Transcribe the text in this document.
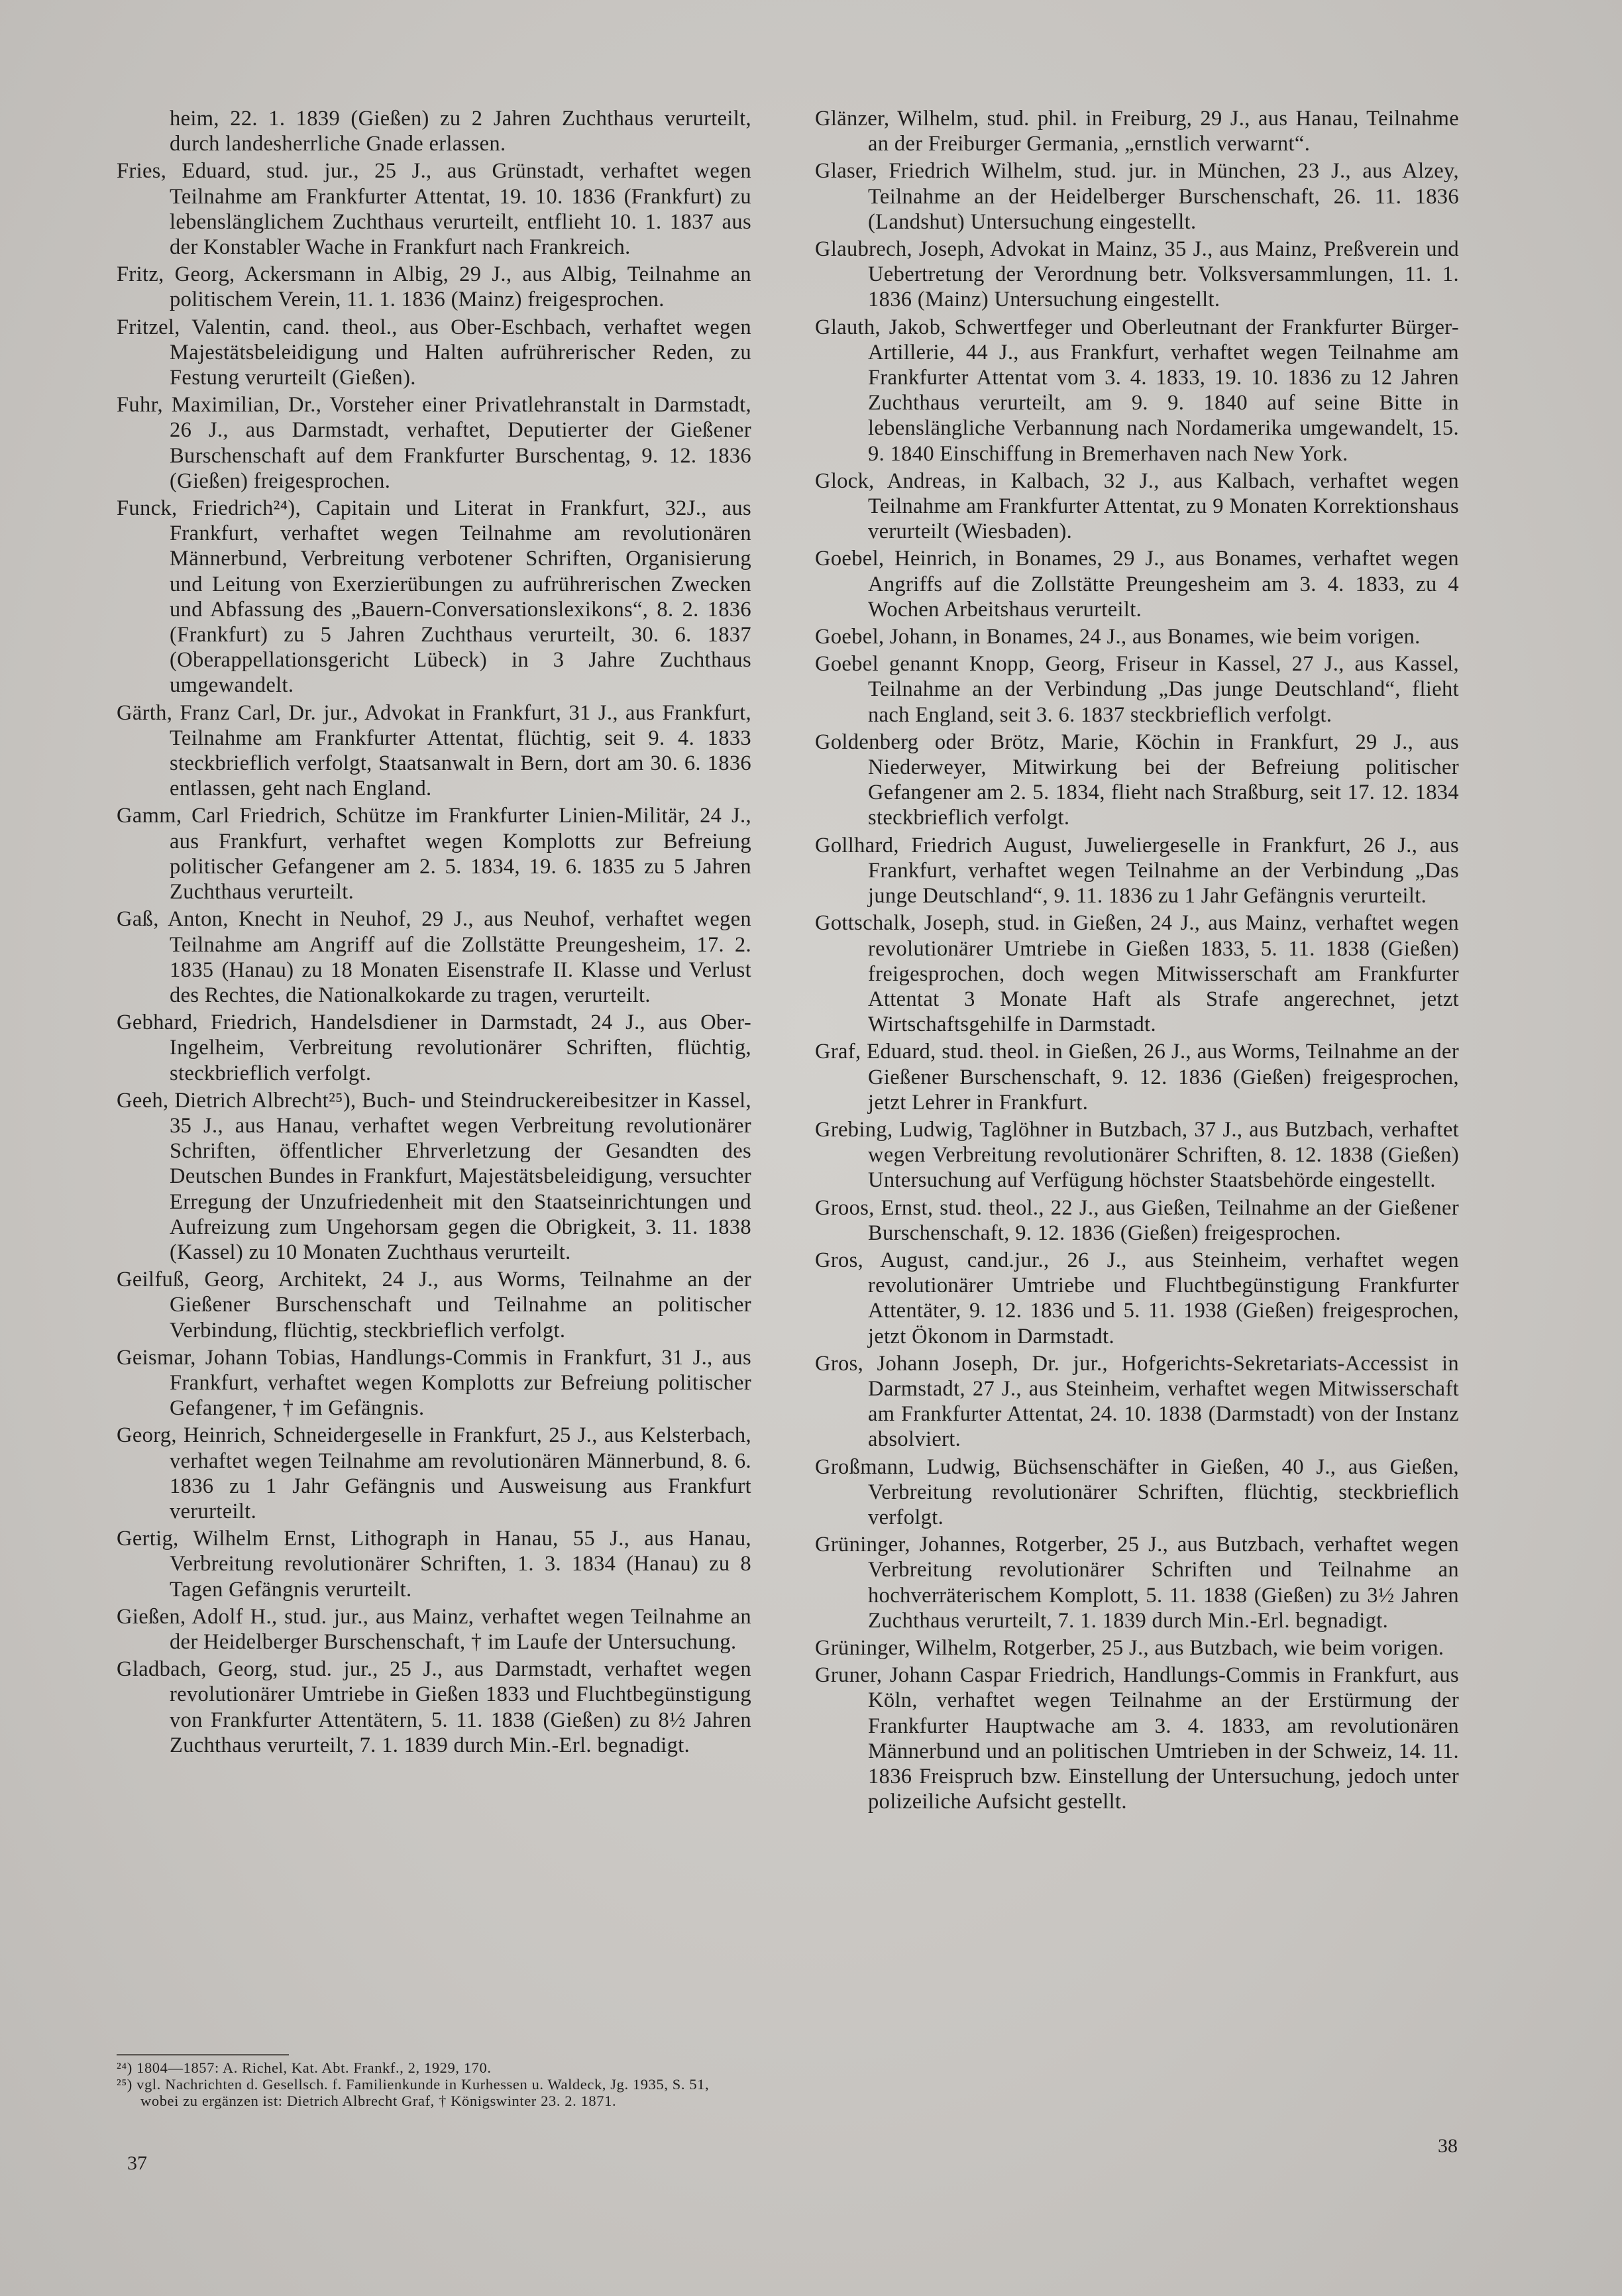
heim, 22. 1. 1839 (Gießen) zu 2 Jahren Zuchthaus verurteilt, durch landesherrliche Gnade erlassen.

Fries, Eduard, stud. jur., 25 J., aus Grünstadt, verhaftet wegen Teilnahme am Frankfurter Attentat, 19. 10. 1836 (Frankfurt) zu lebenslänglichem Zuchthaus verurteilt, entflieht 10. 1. 1837 aus der Konstabler Wache in Frankfurt nach Frankreich.

Fritz, Georg, Ackersmann in Albig, 29 J., aus Albig, Teilnahme an politischem Verein, 11. 1. 1836 (Mainz) freigesprochen.

Fritzel, Valentin, cand. theol., aus Ober-Eschbach, verhaftet wegen Majestätsbeleidigung und Halten aufrührerischer Reden, zu Festung verurteilt (Gießen).

Fuhr, Maximilian, Dr., Vorsteher einer Privatlehranstalt in Darmstadt, 26 J., aus Darmstadt, verhaftet, Deputierter der Gießener Burschenschaft auf dem Frankfurter Burschentag, 9. 12. 1836 (Gießen) freigesprochen.

Funck, Friedrich²⁴), Capitain und Literat in Frankfurt, 32J., aus Frankfurt, verhaftet wegen Teilnahme am revolutionären Männerbund, Verbreitung verbotener Schriften, Organisierung und Leitung von Exerzierübungen zu aufrührerischen Zwecken und Abfassung des „Bauern-Conversationslexikons“, 8. 2. 1836 (Frankfurt) zu 5 Jahren Zuchthaus verurteilt, 30. 6. 1837 (Oberappellationsgericht Lübeck) in 3 Jahre Zuchthaus umgewandelt.

Gärth, Franz Carl, Dr. jur., Advokat in Frankfurt, 31 J., aus Frankfurt, Teilnahme am Frankfurter Attentat, flüchtig, seit 9. 4. 1833 steckbrieflich verfolgt, Staatsanwalt in Bern, dort am 30. 6. 1836 entlassen, geht nach England.

Gamm, Carl Friedrich, Schütze im Frankfurter Linien-Militär, 24 J., aus Frankfurt, verhaftet wegen Komplotts zur Befreiung politischer Gefangener am 2. 5. 1834, 19. 6. 1835 zu 5 Jahren Zuchthaus verurteilt.

Gaß, Anton, Knecht in Neuhof, 29 J., aus Neuhof, verhaftet wegen Teilnahme am Angriff auf die Zollstätte Preungesheim, 17. 2. 1835 (Hanau) zu 18 Monaten Eisenstrafe II. Klasse und Verlust des Rechtes, die Nationalkokarde zu tragen, verurteilt.

Gebhard, Friedrich, Handelsdiener in Darmstadt, 24 J., aus Ober-Ingelheim, Verbreitung revolutionärer Schriften, flüchtig, steckbrieflich verfolgt.

Geeh, Dietrich Albrecht²⁵), Buch- und Steindruckereibesitzer in Kassel, 35 J., aus Hanau, verhaftet wegen Verbreitung revolutionärer Schriften, öffentlicher Ehrverletzung der Gesandten des Deutschen Bundes in Frankfurt, Majestätsbeleidigung, versuchter Erregung der Unzufriedenheit mit den Staatseinrichtungen und Aufreizung zum Ungehorsam gegen die Obrigkeit, 3. 11. 1838 (Kassel) zu 10 Monaten Zuchthaus verurteilt.

Geilfuß, Georg, Architekt, 24 J., aus Worms, Teilnahme an der Gießener Burschenschaft und Teilnahme an politischer Verbindung, flüchtig, steckbrieflich verfolgt.

Geismar, Johann Tobias, Handlungs-Commis in Frankfurt, 31 J., aus Frankfurt, verhaftet wegen Komplotts zur Befreiung politischer Gefangener, † im Gefängnis.

Georg, Heinrich, Schneidergeselle in Frankfurt, 25 J., aus Kelsterbach, verhaftet wegen Teilnahme am revolutionären Männerbund, 8. 6. 1836 zu 1 Jahr Gefängnis und Ausweisung aus Frankfurt verurteilt.

Gertig, Wilhelm Ernst, Lithograph in Hanau, 55 J., aus Hanau, Verbreitung revolutionärer Schriften, 1. 3. 1834 (Hanau) zu 8 Tagen Gefängnis verurteilt.

Gießen, Adolf H., stud. jur., aus Mainz, verhaftet wegen Teilnahme an der Heidelberger Burschenschaft, † im Laufe der Untersuchung.

Gladbach, Georg, stud. jur., 25 J., aus Darmstadt, verhaftet wegen revolutionärer Umtriebe in Gießen 1833 und Fluchtbegünstigung von Frankfurter Attentätern, 5. 11. 1838 (Gießen) zu 8½ Jahren Zuchthaus verurteilt, 7. 1. 1839 durch Min.-Erl. begnadigt.

Glänzer, Wilhelm, stud. phil. in Freiburg, 29 J., aus Hanau, Teilnahme an der Freiburger Germania, „ernstlich verwarnt“.

Glaser, Friedrich Wilhelm, stud. jur. in München, 23 J., aus Alzey, Teilnahme an der Heidelberger Burschenschaft, 26. 11. 1836 (Landshut) Untersuchung eingestellt.

Glaubrech, Joseph, Advokat in Mainz, 35 J., aus Mainz, Preßverein und Uebertretung der Verordnung betr. Volksversammlungen, 11. 1. 1836 (Mainz) Untersuchung eingestellt.

Glauth, Jakob, Schwertfeger und Oberleutnant der Frankfurter Bürger-Artillerie, 44 J., aus Frankfurt, verhaftet wegen Teilnahme am Frankfurter Attentat vom 3. 4. 1833, 19. 10. 1836 zu 12 Jahren Zuchthaus verurteilt, am 9. 9. 1840 auf seine Bitte in lebenslängliche Verbannung nach Nordamerika umgewandelt, 15. 9. 1840 Einschiffung in Bremerhaven nach New York.

Glock, Andreas, in Kalbach, 32 J., aus Kalbach, verhaftet wegen Teilnahme am Frankfurter Attentat, zu 9 Monaten Korrektionshaus verurteilt (Wiesbaden).

Goebel, Heinrich, in Bonames, 29 J., aus Bonames, verhaftet wegen Angriffs auf die Zollstätte Preungesheim am 3. 4. 1833, zu 4 Wochen Arbeitshaus verurteilt.

Goebel, Johann, in Bonames, 24 J., aus Bonames, wie beim vorigen.

Goebel genannt Knopp, Georg, Friseur in Kassel, 27 J., aus Kassel, Teilnahme an der Verbindung „Das junge Deutschland“, flieht nach England, seit 3. 6. 1837 steckbrieflich verfolgt.

Goldenberg oder Brötz, Marie, Köchin in Frankfurt, 29 J., aus Niederweyer, Mitwirkung bei der Befreiung politischer Gefangener am 2. 5. 1834, flieht nach Straßburg, seit 17. 12. 1834 steckbrieflich verfolgt.

Gollhard, Friedrich August, Juweliergeselle in Frankfurt, 26 J., aus Frankfurt, verhaftet wegen Teilnahme an der Verbindung „Das junge Deutschland“, 9. 11. 1836 zu 1 Jahr Gefängnis verurteilt.

Gottschalk, Joseph, stud. in Gießen, 24 J., aus Mainz, verhaftet wegen revolutionärer Umtriebe in Gießen 1833, 5. 11. 1838 (Gießen) freigesprochen, doch wegen Mitwisserschaft am Frankfurter Attentat 3 Monate Haft als Strafe angerechnet, jetzt Wirtschaftsgehilfe in Darmstadt.

Graf, Eduard, stud. theol. in Gießen, 26 J., aus Worms, Teilnahme an der Gießener Burschenschaft, 9. 12. 1836 (Gießen) freigesprochen, jetzt Lehrer in Frankfurt.

Grebing, Ludwig, Taglöhner in Butzbach, 37 J., aus Butzbach, verhaftet wegen Verbreitung revolutionärer Schriften, 8. 12. 1838 (Gießen) Untersuchung auf Verfügung höchster Staatsbehörde eingestellt.

Groos, Ernst, stud. theol., 22 J., aus Gießen, Teilnahme an der Gießener Burschenschaft, 9. 12. 1836 (Gießen) freigesprochen.

Gros, August, cand.jur., 26 J., aus Steinheim, verhaftet wegen revolutionärer Umtriebe und Fluchtbegünstigung Frankfurter Attentäter, 9. 12. 1836 und 5. 11. 1938 (Gießen) freigesprochen, jetzt Ökonom in Darmstadt.

Gros, Johann Joseph, Dr. jur., Hofgerichts-Sekretariats-Accessist in Darmstadt, 27 J., aus Steinheim, verhaftet wegen Mitwisserschaft am Frankfurter Attentat, 24. 10. 1838 (Darmstadt) von der Instanz absolviert.

Großmann, Ludwig, Büchsenschäfter in Gießen, 40 J., aus Gießen, Verbreitung revolutionärer Schriften, flüchtig, steckbrieflich verfolgt.

Grüninger, Johannes, Rotgerber, 25 J., aus Butzbach, verhaftet wegen Verbreitung revolutionärer Schriften und Teilnahme an hochverräterischem Komplott, 5. 11. 1838 (Gießen) zu 3½ Jahren Zuchthaus verurteilt, 7. 1. 1839 durch Min.-Erl. begnadigt.

Grüninger, Wilhelm, Rotgerber, 25 J., aus Butzbach, wie beim vorigen.

Gruner, Johann Caspar Friedrich, Handlungs-Commis in Frankfurt, aus Köln, verhaftet wegen Teilnahme an der Erstürmung der Frankfurter Hauptwache am 3. 4. 1833, am revolutionären Männerbund und an politischen Umtrieben in der Schweiz, 14. 11. 1836 Freispruch bzw. Einstellung der Untersuchung, jedoch unter polizeiliche Aufsicht gestellt.

²⁴) 1804—1857: A. Richel, Kat. Abt. Frankf., 2, 1929, 170.

²⁵) vgl. Nachrichten d. Gesellsch. f. Familienkunde in Kurhessen u. Waldeck, Jg. 1935, S. 51, wobei zu ergänzen ist: Dietrich Albrecht Graf, † Königswinter 23. 2. 1871.

37
38
